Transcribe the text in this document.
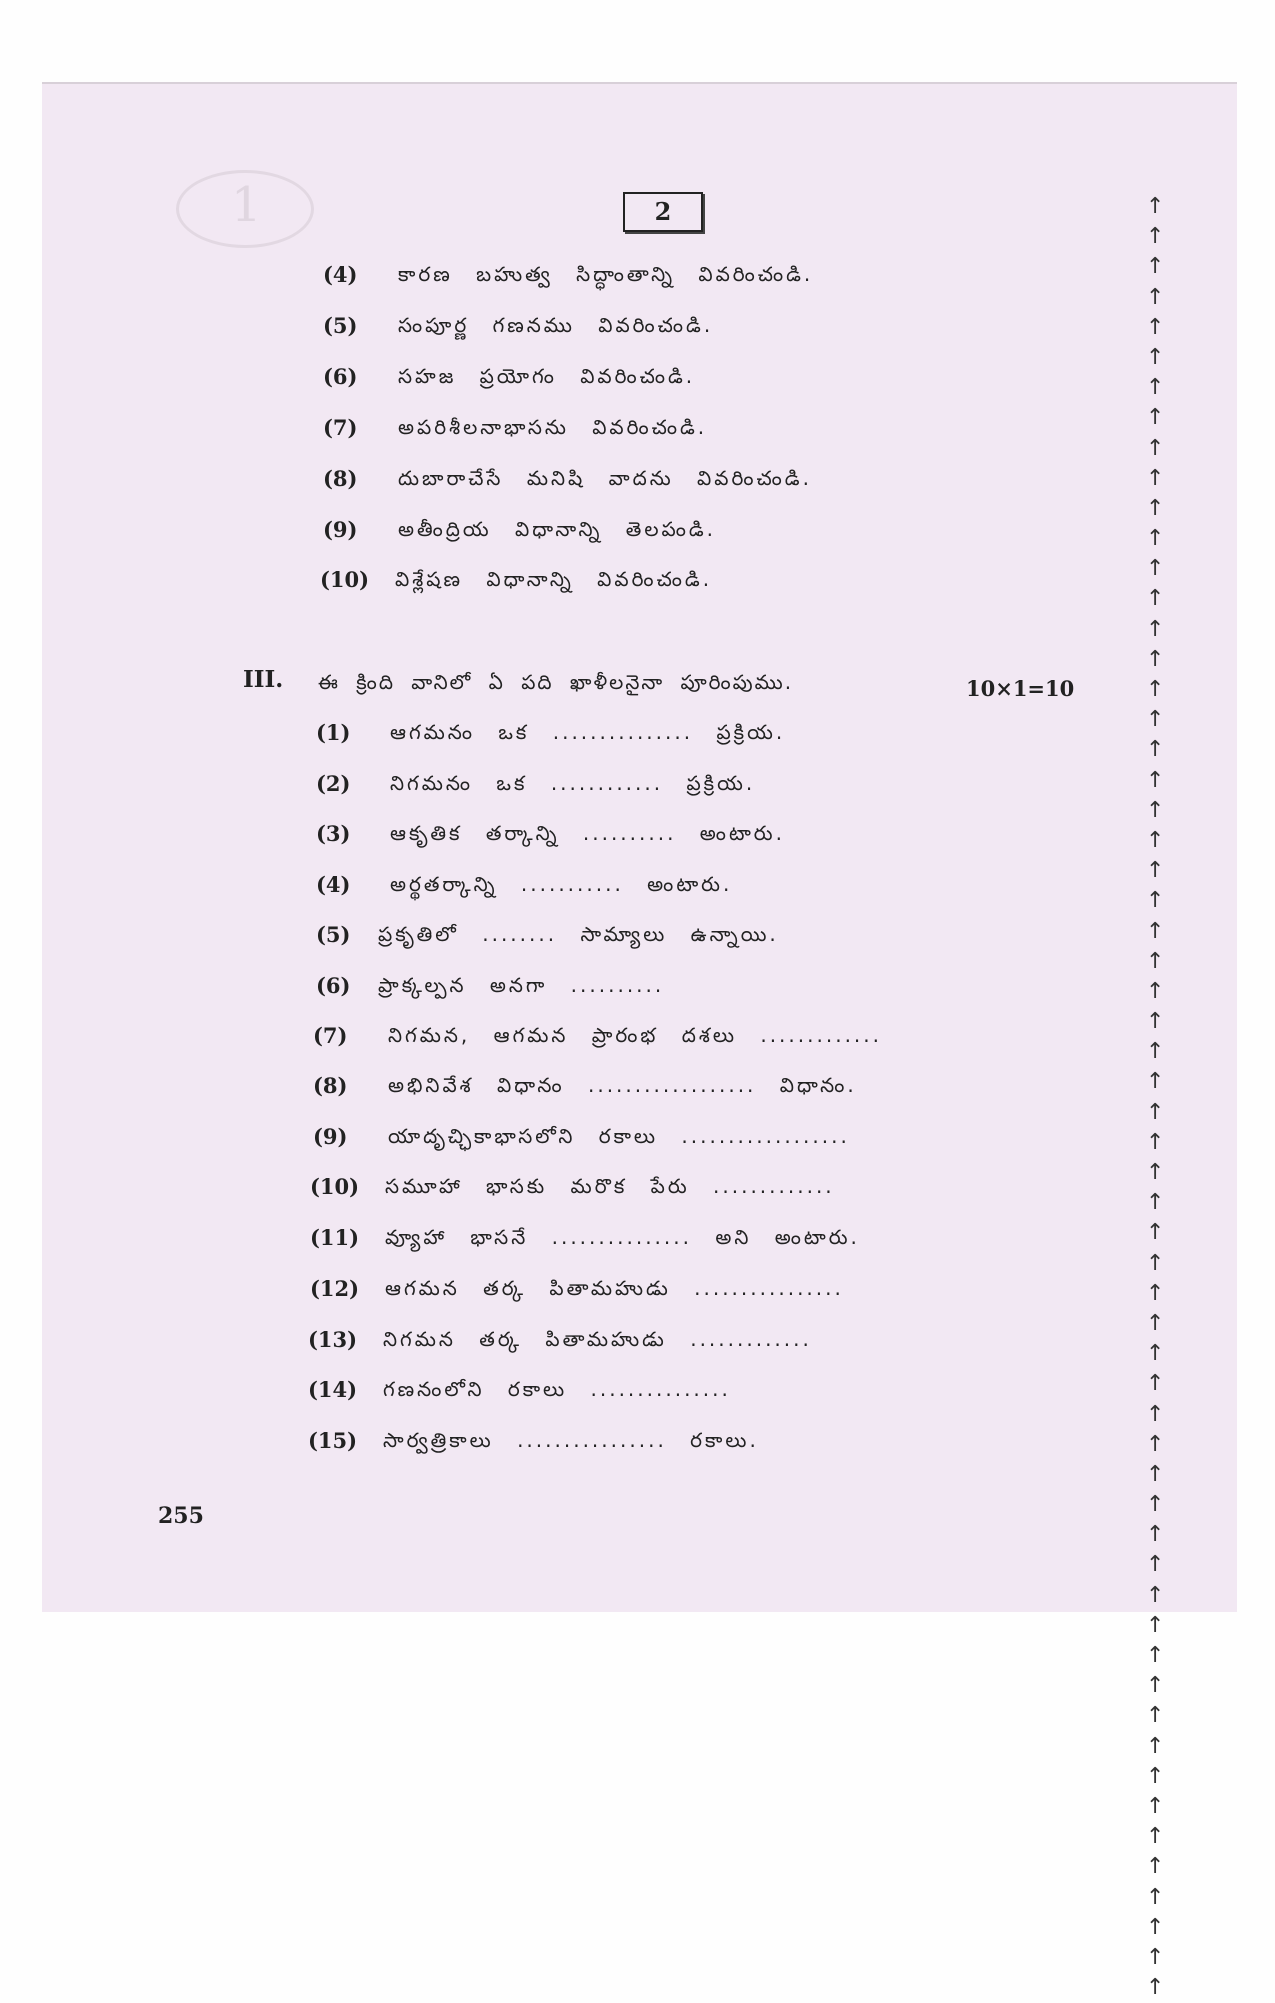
1	2
(4) కారణ బహుత్వ సిద్ధాంతాన్ని వివరించండి.
(5) సంపూర్ణ గణనము వివరించండి.
(6) సహజ ప్రయోగం వివరించండి.
(7) అపరిశీలనాభాసను వివరించండి.
(8) దుబారాచేసే మనిషి వాదను వివరించండి.
(9) అతీంద్రియ విధానాన్ని తెలపండి.
(10) విశ్లేషణ విధానాన్ని వివరించండి.
III. ఈ క్రింది వానిలో ఏ పది ఖాళీలనైనా పూరింపుము.	10×1=10
(1) ఆగమనం ఒక ............... ప్రక్రియ.
(2) నిగమనం ఒక ............ ప్రక్రియ.
(3) ఆకృతిక తర్కాన్ని .......... అంటారు.
(4) అర్థతర్కాన్ని ........... అంటారు.
(5) ప్రకృతిలో ........ సామ్యాలు ఉన్నాయి.
(6) ప్రాక్కల్పన అనగా ..........
(7) నిగమన, ఆగమన ప్రారంభ దశలు .............
(8) అభినివేశ విధానం .................. విధానం.
(9) యాదృచ్ఛికాభాసలోని రకాలు ..................
(10) సమూహా భాసకు మరొక పేరు .............
(11) వ్యూహా భాసనే ............... అని అంటారు.
(12) ఆగమన తర్క పితామహుడు ................
(13) నిగమన తర్క పితామహుడు .............
(14) గణనంలోని రకాలు ...............
(15) సార్వత్రికాలు ................ రకాలు.
255
↑
↑
↑
↑
↑
↑
↑
↑
↑
↑
↑
↑
↑
↑
↑
↑
↑
↑
↑
↑
↑
↑
↑
↑
↑
↑
↑
↑
↑
↑
↑
↑
↑
↑
↑
↑
↑
↑
↑
↑
↑
↑
↑
↑
↑
↑
↑
↑
↑
↑
↑
↑
↑
↑
↑
↑
↑
↑
↑
↑
